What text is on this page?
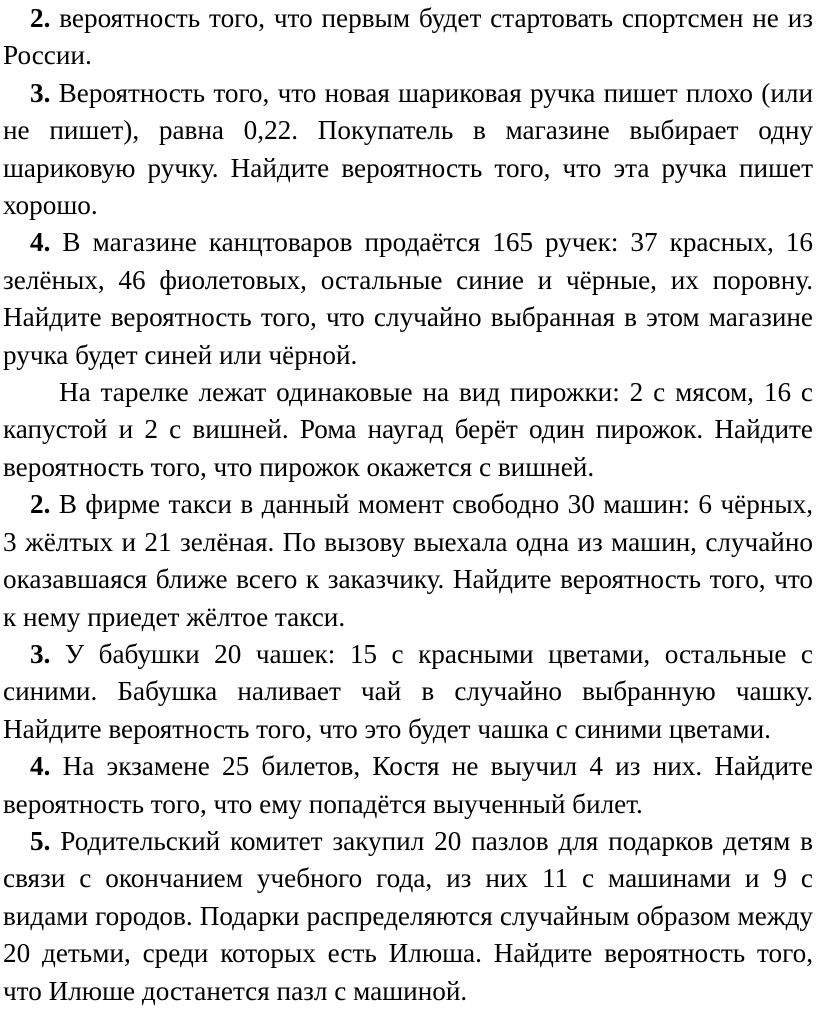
2. вероятность того, что первым будет стартовать спортсмен не из России.

3. Вероятность того, что новая шариковая ручка пишет плохо (или не пишет), равна 0,22. Покупатель в магазине выбирает одну шариковую ручку. Найдите вероятность того, что эта ручка пишет хорошо.

4. В магазине канцтоваров продаётся 165 ручек: 37 красных, 16 зелёных, 46 фиолетовых, остальные синие и чёрные, их поровну. Найдите вероятность того, что случайно выбранная в этом магазине ручка будет синей или чёрной.

На тарелке лежат одинаковые на вид пирожки: 2 с мясом, 16 с капустой и 2 с вишней. Рома наугад берёт один пирожок. Найдите вероятность того, что пирожок окажется с вишней.

2. В фирме такси в данный момент свободно 30 машин: 6 чёрных, 3 жёлтых и 21 зелёная. По вызову выехала одна из машин, случайно оказавшаяся ближе всего к заказчику. Найдите вероятность того, что к нему приедет жёлтое такси.

3. У бабушки 20 чашек: 15 с красными цветами, остальные с синими. Бабушка наливает чай в случайно выбранную чашку. Найдите вероятность того, что это будет чашка с синими цветами.

4. На экзамене 25 билетов, Костя не выучил 4 из них. Найдите вероятность того, что ему попадётся выученный билет.

5. Родительский комитет закупил 20 пазлов для подарков детям в связи с окончанием учебного года, из них 11 с машинами и 9 с видами городов. Подарки распределяются случайным образом между 20 детьми, среди которых есть Илюша. Найдите вероятность того, что Илюше достанется пазл с машиной.
